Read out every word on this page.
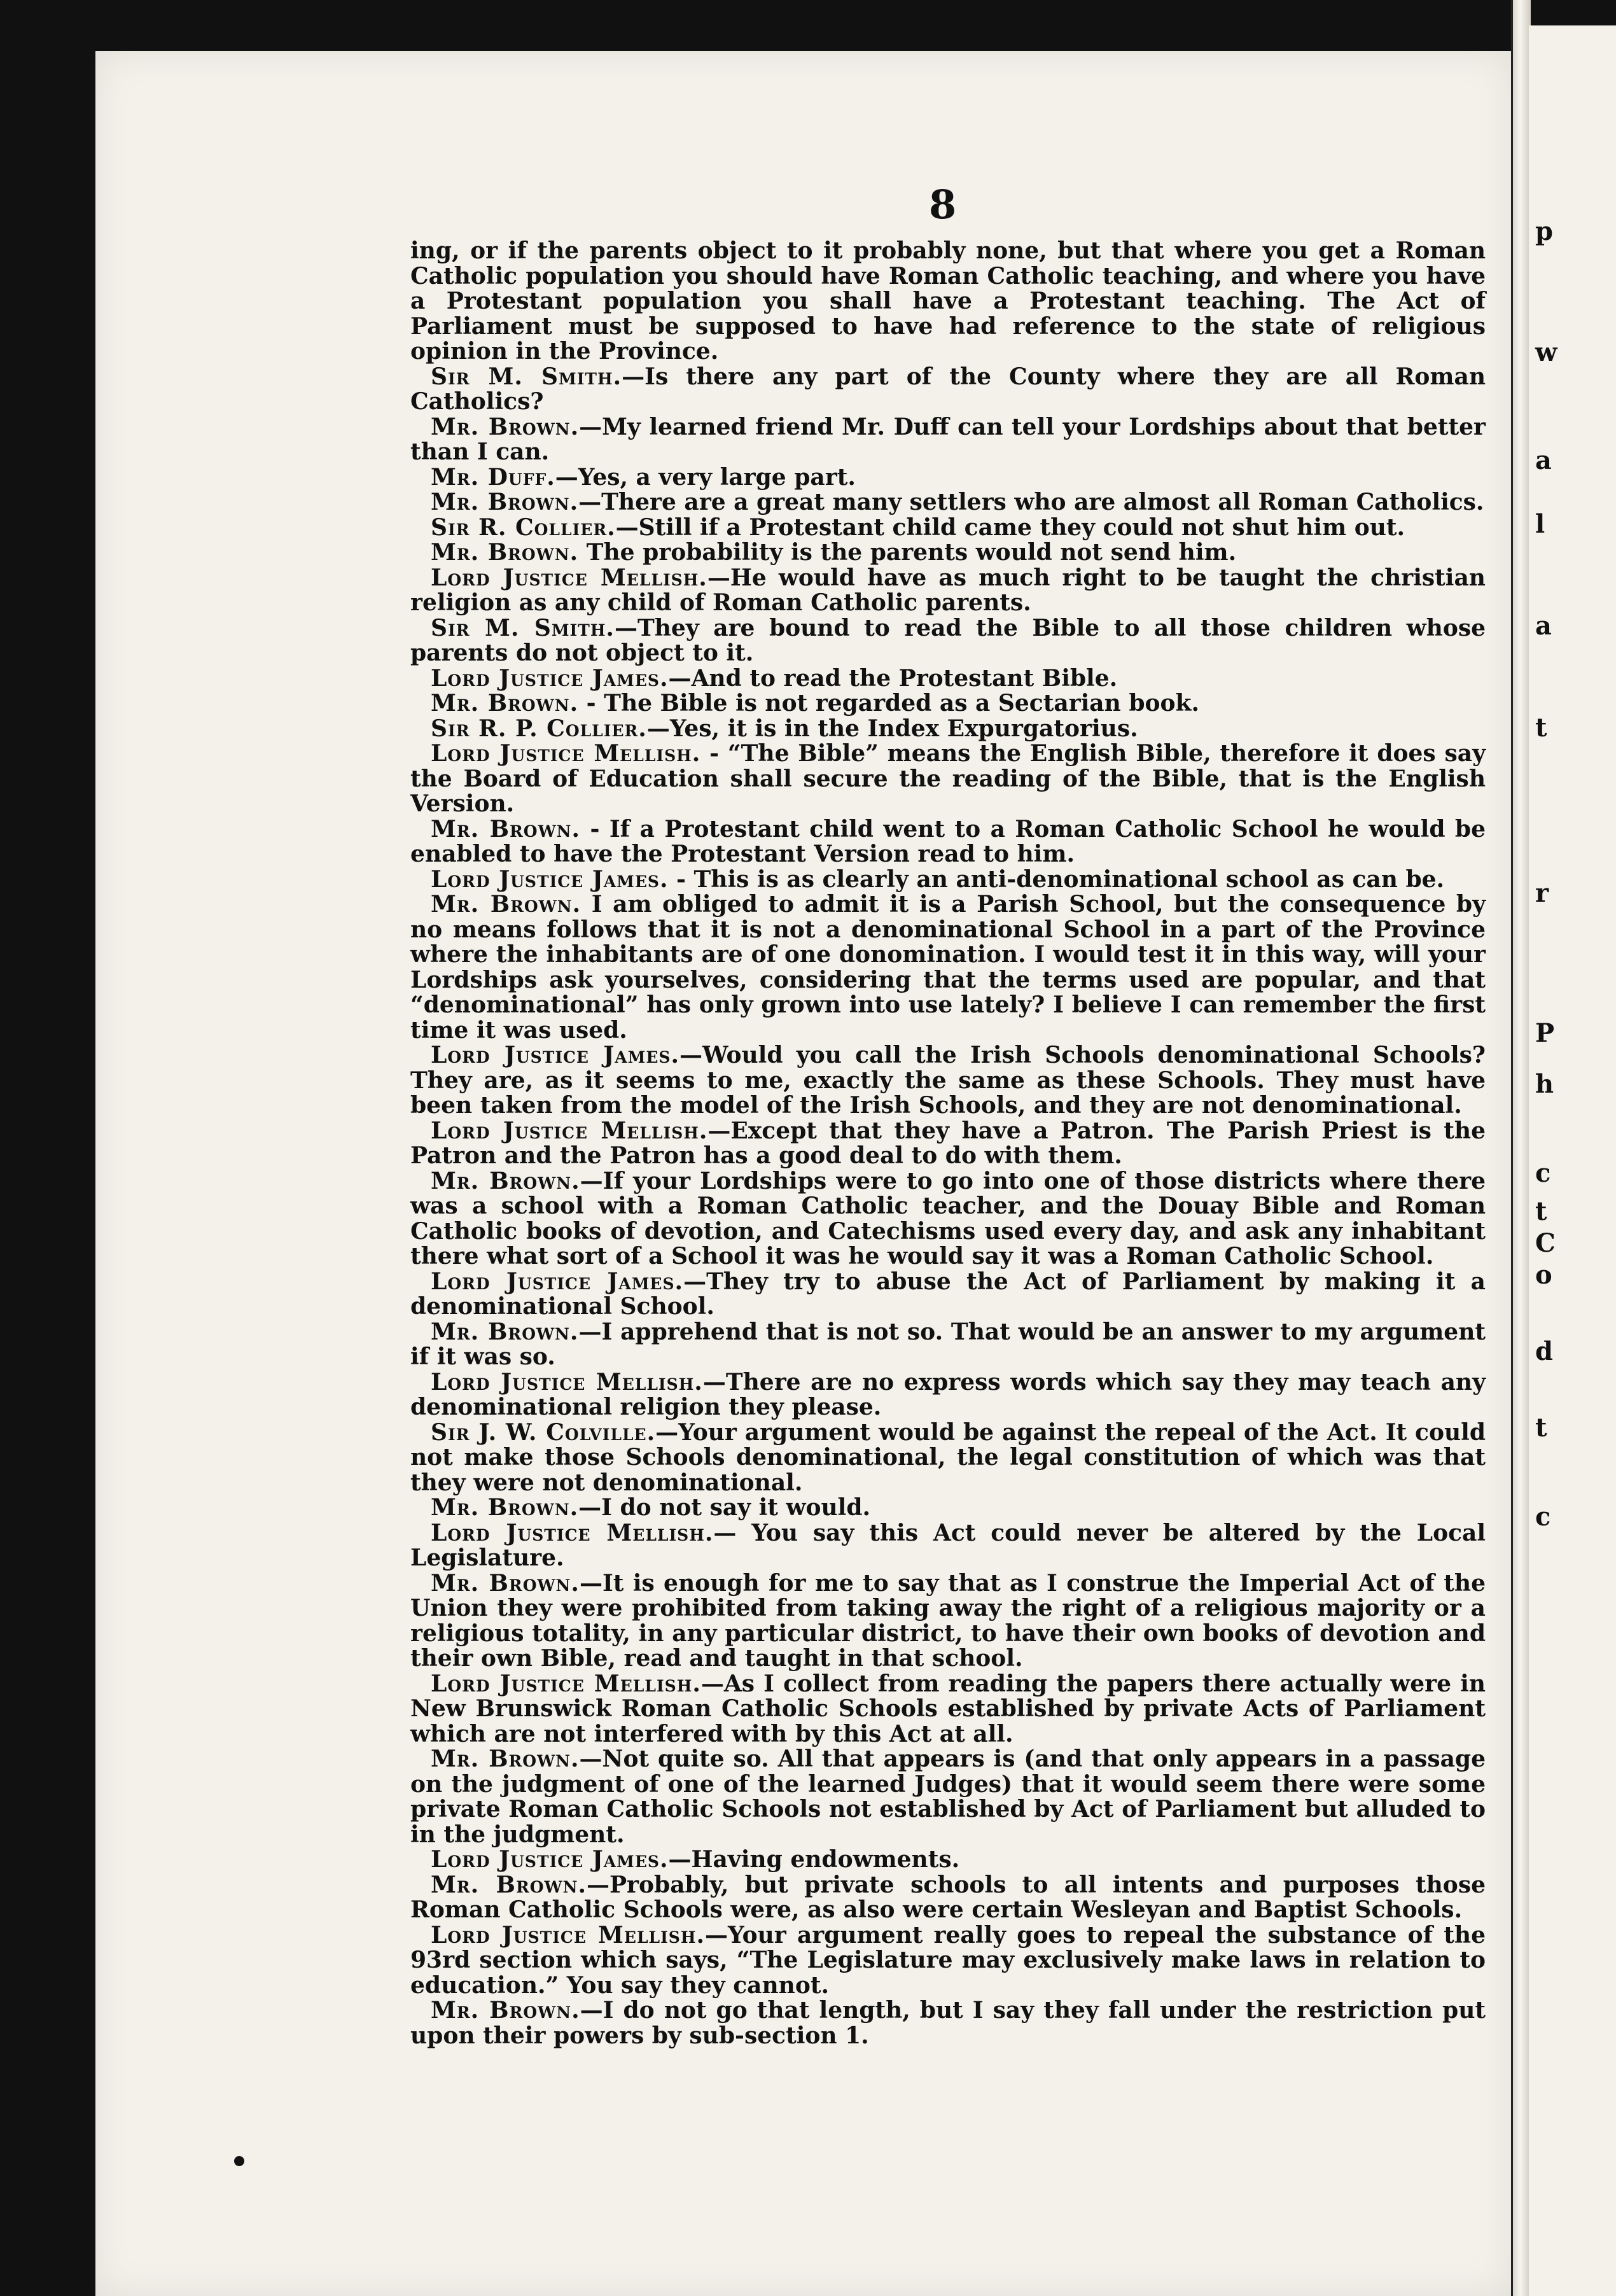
8

ing, or if the parents object to it probably none, but that where you get a Roman Catholic population you should have Roman Catholic teaching, and where you have a Protestant population you shall have a Protestant teaching. The Act of Parliament must be supposed to have had reference to the state of religious opinion in the Province.

Sir M. Smith.—Is there any part of the County where they are all Roman Catholics?

Mr. Brown.—My learned friend Mr. Duff can tell your Lordships about that better than I can.

Mr. Duff.—Yes, a very large part.

Mr. Brown.—There are a great many settlers who are almost all Roman Catholics.

Sir R. Collier.—Still if a Protestant child came they could not shut him out.

Mr. Brown. The probability is the parents would not send him.

Lord Justice Mellish.—He would have as much right to be taught the christian religion as any child of Roman Catholic parents.

Sir M. Smith.—They are bound to read the Bible to all those children whose parents do not object to it.

Lord Justice James.—And to read the Protestant Bible.

Mr. Brown. - The Bible is not regarded as a Sectarian book.

Sir R. P. Collier.—Yes, it is in the Index Expurgatorius.

Lord Justice Mellish. - “The Bible” means the English Bible, therefore it does say the Board of Education shall secure the reading of the Bible, that is the English Version.

Mr. Brown. - If a Protestant child went to a Roman Catholic School he would be enabled to have the Protestant Version read to him.

Lord Justice James. - This is as clearly an anti-denominational school as can be.

Mr. Brown. I am obliged to admit it is a Parish School, but the consequence by no means follows that it is not a denominational School in a part of the Province where the inhabitants are of one donomination. I would test it in this way, will your Lordships ask yourselves, considering that the terms used are popular, and that “denominational” has only grown into use lately? I believe I can remember the first time it was used.

Lord Justice James.—Would you call the Irish Schools denominational Schools? They are, as it seems to me, exactly the same as these Schools. They must have been taken from the model of the Irish Schools, and they are not denominational.

Lord Justice Mellish.—Except that they have a Patron. The Parish Priest is the Patron and the Patron has a good deal to do with them.

Mr. Brown.—If your Lordships were to go into one of those districts where there was a school with a Roman Catholic teacher, and the Douay Bible and Roman Catholic books of devotion, and Catechisms used every day, and ask any inhabitant there what sort of a School it was he would say it was a Roman Catholic School.

Lord Justice James.—They try to abuse the Act of Parliament by making it a denominational School.

Mr. Brown.—I apprehend that is not so. That would be an answer to my argument if it was so.

Lord Justice Mellish.—There are no express words which say they may teach any denominational religion they please.

Sir J. W. Colville.—Your argument would be against the repeal of the Act. It could not make those Schools denominational, the legal constitution of which was that they were not denominational.

Mr. Brown.—I do not say it would.

Lord Justice Mellish.— You say this Act could never be altered by the Local Legislature.

Mr. Brown.—It is enough for me to say that as I construe the Imperial Act of the Union they were prohibited from taking away the right of a religious majority or a religious totality, in any particular district, to have their own books of devotion and their own Bible, read and taught in that school.

Lord Justice Mellish.—As I collect from reading the papers there actually were in New Brunswick Roman Catholic Schools established by private Acts of Parliament which are not interfered with by this Act at all.

Mr. Brown.—Not quite so. All that appears is (and that only appears in a passage on the judgment of one of the learned Judges) that it would seem there were some private Roman Catholic Schools not established by Act of Parliament but alluded to in the judgment.

Lord Justice James.—Having endowments.

Mr. Brown.—Probably, but private schools to all intents and purposes those Roman Catholic Schools were, as also were certain Wesleyan and Baptist Schools.

Lord Justice Mellish.—Your argument really goes to repeal the substance of the 93rd section which says, “The Legislature may exclusively make laws in relation to education.” You say they cannot.

Mr. Brown.—I do not go that length, but I say they fall under the restriction put upon their powers by sub-section 1.

p
w
a
l
a
t
r
P
h
c
t
C
o
d
t
c
